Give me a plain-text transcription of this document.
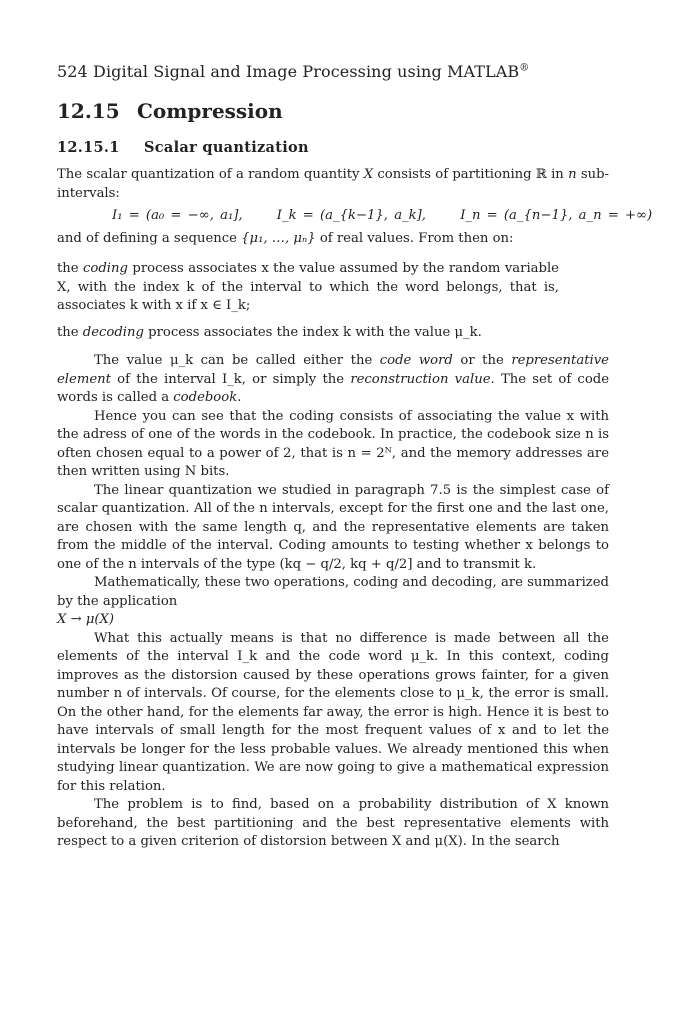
524 Digital Signal and Image Processing using MATLAB®
12.15 Compression
12.15.1 Scalar quantization

The scalar quantization of a random quantity X consists of partitioning ℝ in n sub-intervals:

I₁ = (a₀ = −∞, a₁], I_k = (a_{k−1}, a_k], I_n = (a_{n−1}, a_n = +∞)

and of defining a sequence {μ₁, …, μₙ} of real values. From then on:

the coding process associates x the value assumed by the random variable X, with the index k of the interval to which the word belongs, that is, associates k with x if x ∈ I_k;

the decoding process associates the index k with the value μ_k.

The value μ_k can be called either the code word or the representative element of the interval I_k, or simply the reconstruction value. The set of code words is called a codebook.

Hence you can see that the coding consists of associating the value x with the adress of one of the words in the codebook. In practice, the codebook size n is often chosen equal to a power of 2, that is n = 2ᴺ, and the memory addresses are then written using N bits.

The linear quantization we studied in paragraph 7.5 is the simplest case of scalar quantization. All of the n intervals, except for the first one and the last one, are chosen with the same length q, and the representative elements are taken from the middle of the interval. Coding amounts to testing whether x belongs to one of the n intervals of the type (kq − q/2, kq + q/2] and to transmit k.

Mathematically, these two operations, coding and decoding, are summarized by the application

X → μ(X)

What this actually means is that no difference is made between all the elements of the interval I_k and the code word μ_k. In this context, coding improves as the distorsion caused by these operations grows fainter, for a given number n of intervals. Of course, for the elements close to μ_k, the error is small. On the other hand, for the elements far away, the error is high. Hence it is best to have intervals of small length for the most frequent values of x and to let the intervals be longer for the less probable values. We already mentioned this when studying linear quantization. We are now going to give a mathematical expression for this relation.

The problem is to find, based on a probability distribution of X known beforehand, the best partitioning and the best representative elements with respect to a given criterion of distorsion between X and μ(X). In the search
